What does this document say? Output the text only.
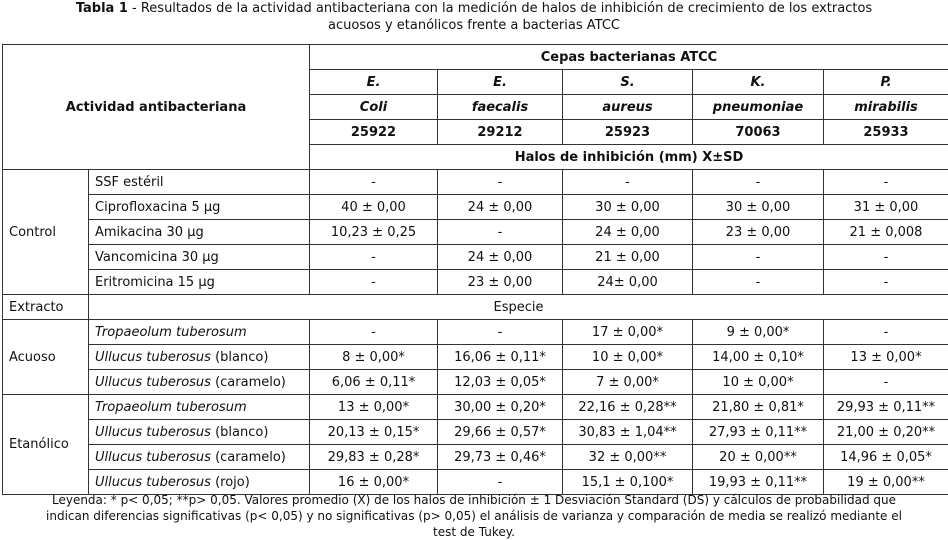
Tabla 1 - Resultados de la actividad antibacteriana con la medición de halos de inhibición de crecimiento de los extractos
acuosos y etanólicos frente a bacterias ATCC
Actividad antibacteriana		Cepas bacterianas ATCC				
		E.	E.	S.	K.	P.
		Coli	faecalis	aureus	pneumoniae	mirabilis
		25922	29212	25923	70063	25933
		Halos de inhibición (mm) X±SD				
Control	SSF estéril	-	-	-	-	-
	Ciprofloxacina 5 µg	40 ± 0,00	24 ± 0,00	30 ± 0,00	30 ± 0,00	31 ± 0,00
	Amikacina 30 µg	10,23 ± 0,25	-	24 ± 0,00	23 ± 0,00	21 ± 0,008
	Vancomicina 30 µg	-	24 ± 0,00	21 ± 0,00	-	-
	Eritromicina 15 µg	-	23 ± 0,00	24± 0,00	-	-
Extracto	Especie					
Acuoso	Tropaeolum tuberosum	-	-	17 ± 0,00*	9 ± 0,00*	-
	Ullucus tuberosus (blanco)	8 ± 0,00*	16,06 ± 0,11*	10 ± 0,00*	14,00 ± 0,10*	13 ± 0,00*
	Ullucus tuberosus (caramelo)	6,06 ± 0,11*	12,03 ± 0,05*	7 ± 0,00*	10 ± 0,00*	-
Etanólico	Tropaeolum tuberosum	13 ± 0,00*	30,00 ± 0,20*	22,16 ± 0,28**	21,80 ± 0,81*	29,93 ± 0,11**
	Ullucus tuberosus (blanco)	20,13 ± 0,15*	29,66 ± 0,57*	30,83 ± 1,04**	27,93 ± 0,11**	21,00 ± 0,20**
	Ullucus tuberosus (caramelo)	29,83 ± 0,28*	29,73 ± 0,46*	32 ± 0,00**	20 ± 0,00**	14,96 ± 0,05*
	Ullucus tuberosus (rojo)	16 ± 0,00*	-	15,1 ± 0,100*	19,93 ± 0,11**	19 ± 0,00**
Leyenda: * p< 0,05; **p> 0,05. Valores promedio (X) de los halos de inhibición ± 1 Desviación Standard (DS) y cálculos de probabilidad que
indican diferencias significativas (p< 0,05) y no significativas (p> 0,05) el análisis de varianza y comparación de media se realizó mediante el
test de Tukey.
